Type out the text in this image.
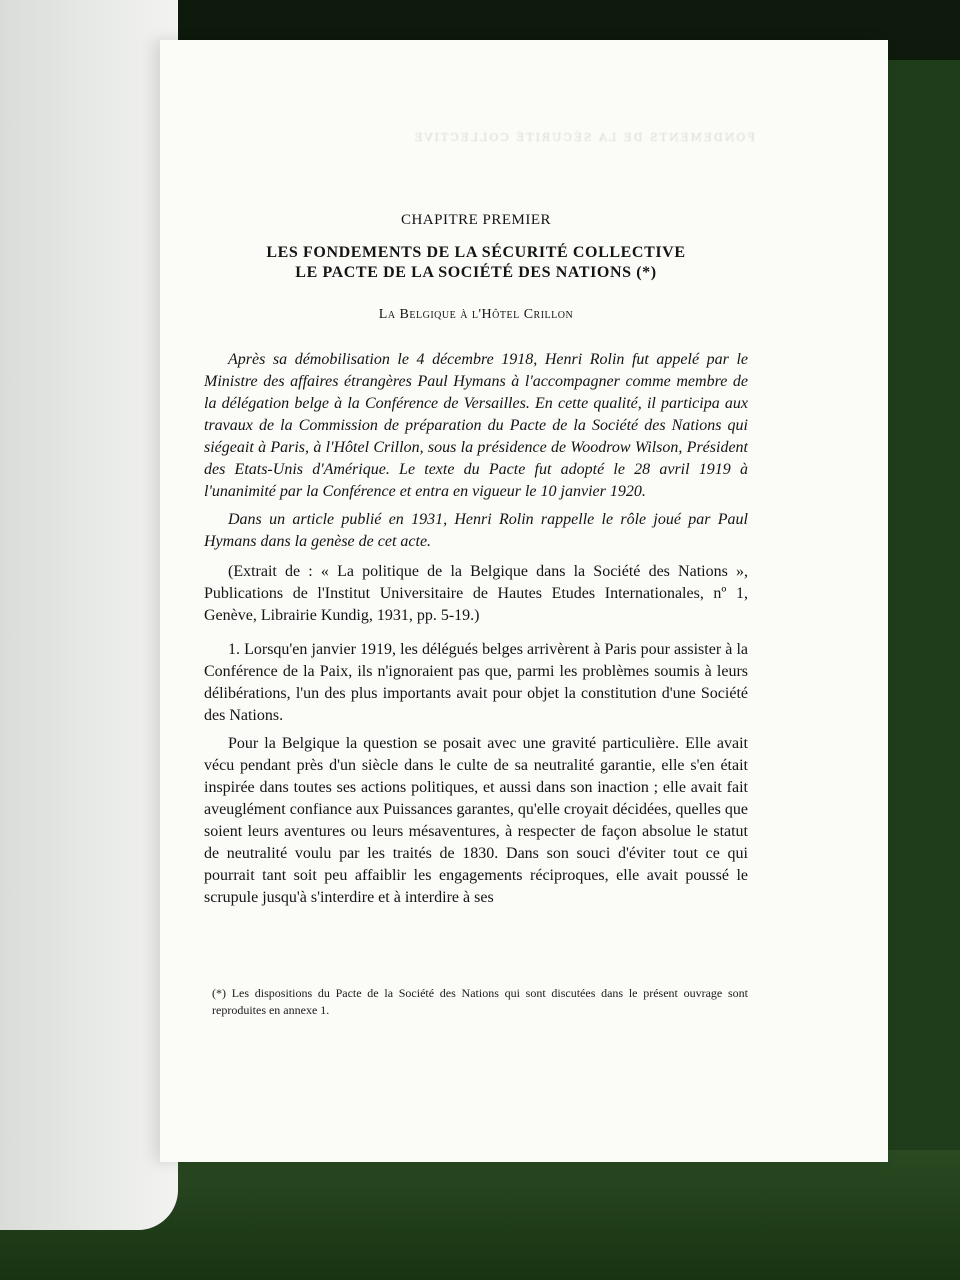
FONDEMENTS DE LA SÉCURITÉ COLLECTIVE
CHAPITRE PREMIER
LES FONDEMENTS DE LA SÉCURITÉ COLLECTIVE
LE PACTE DE LA SOCIÉTÉ DES NATIONS (*)
La Belgique à l'Hôtel Crillon

Après sa démobilisation le 4 décembre 1918, Henri Rolin fut appelé par le Ministre des affaires étrangères Paul Hymans à l'accompagner comme membre de la délégation belge à la Conférence de Versailles. En cette qualité, il participa aux travaux de la Commission de préparation du Pacte de la Société des Nations qui siégeait à Paris, à l'Hôtel Crillon, sous la présidence de Woodrow Wilson, Président des Etats-Unis d'Amérique. Le texte du Pacte fut adopté le 28 avril 1919 à l'unanimité par la Conférence et entra en vigueur le 10 janvier 1920.

Dans un article publié en 1931, Henri Rolin rappelle le rôle joué par Paul Hymans dans la genèse de cet acte.

(Extrait de : « La politique de la Belgique dans la Société des Nations », Publications de l'Institut Universitaire de Hautes Etudes Internationales, nº 1, Genève, Librairie Kundig, 1931, pp. 5-19.)

1. Lorsqu'en janvier 1919, les délégués belges arrivèrent à Paris pour assister à la Conférence de la Paix, ils n'ignoraient pas que, parmi les problèmes soumis à leurs délibérations, l'un des plus importants avait pour objet la constitution d'une Société des Nations.

Pour la Belgique la question se posait avec une gravité particulière. Elle avait vécu pendant près d'un siècle dans le culte de sa neutralité garantie, elle s'en était inspirée dans toutes ses actions politiques, et aussi dans son inaction ; elle avait fait aveuglément confiance aux Puissances garantes, qu'elle croyait décidées, quelles que soient leurs aventures ou leurs mésaventures, à respecter de façon absolue le statut de neutralité voulu par les traités de 1830. Dans son souci d'éviter tout ce qui pourrait tant soit peu affaiblir les engagements réciproques, elle avait poussé le scrupule jusqu'à s'interdire et à interdire à ses

(*) Les dispositions du Pacte de la Société des Nations qui sont discutées dans le présent ouvrage sont reproduites en annexe 1.
